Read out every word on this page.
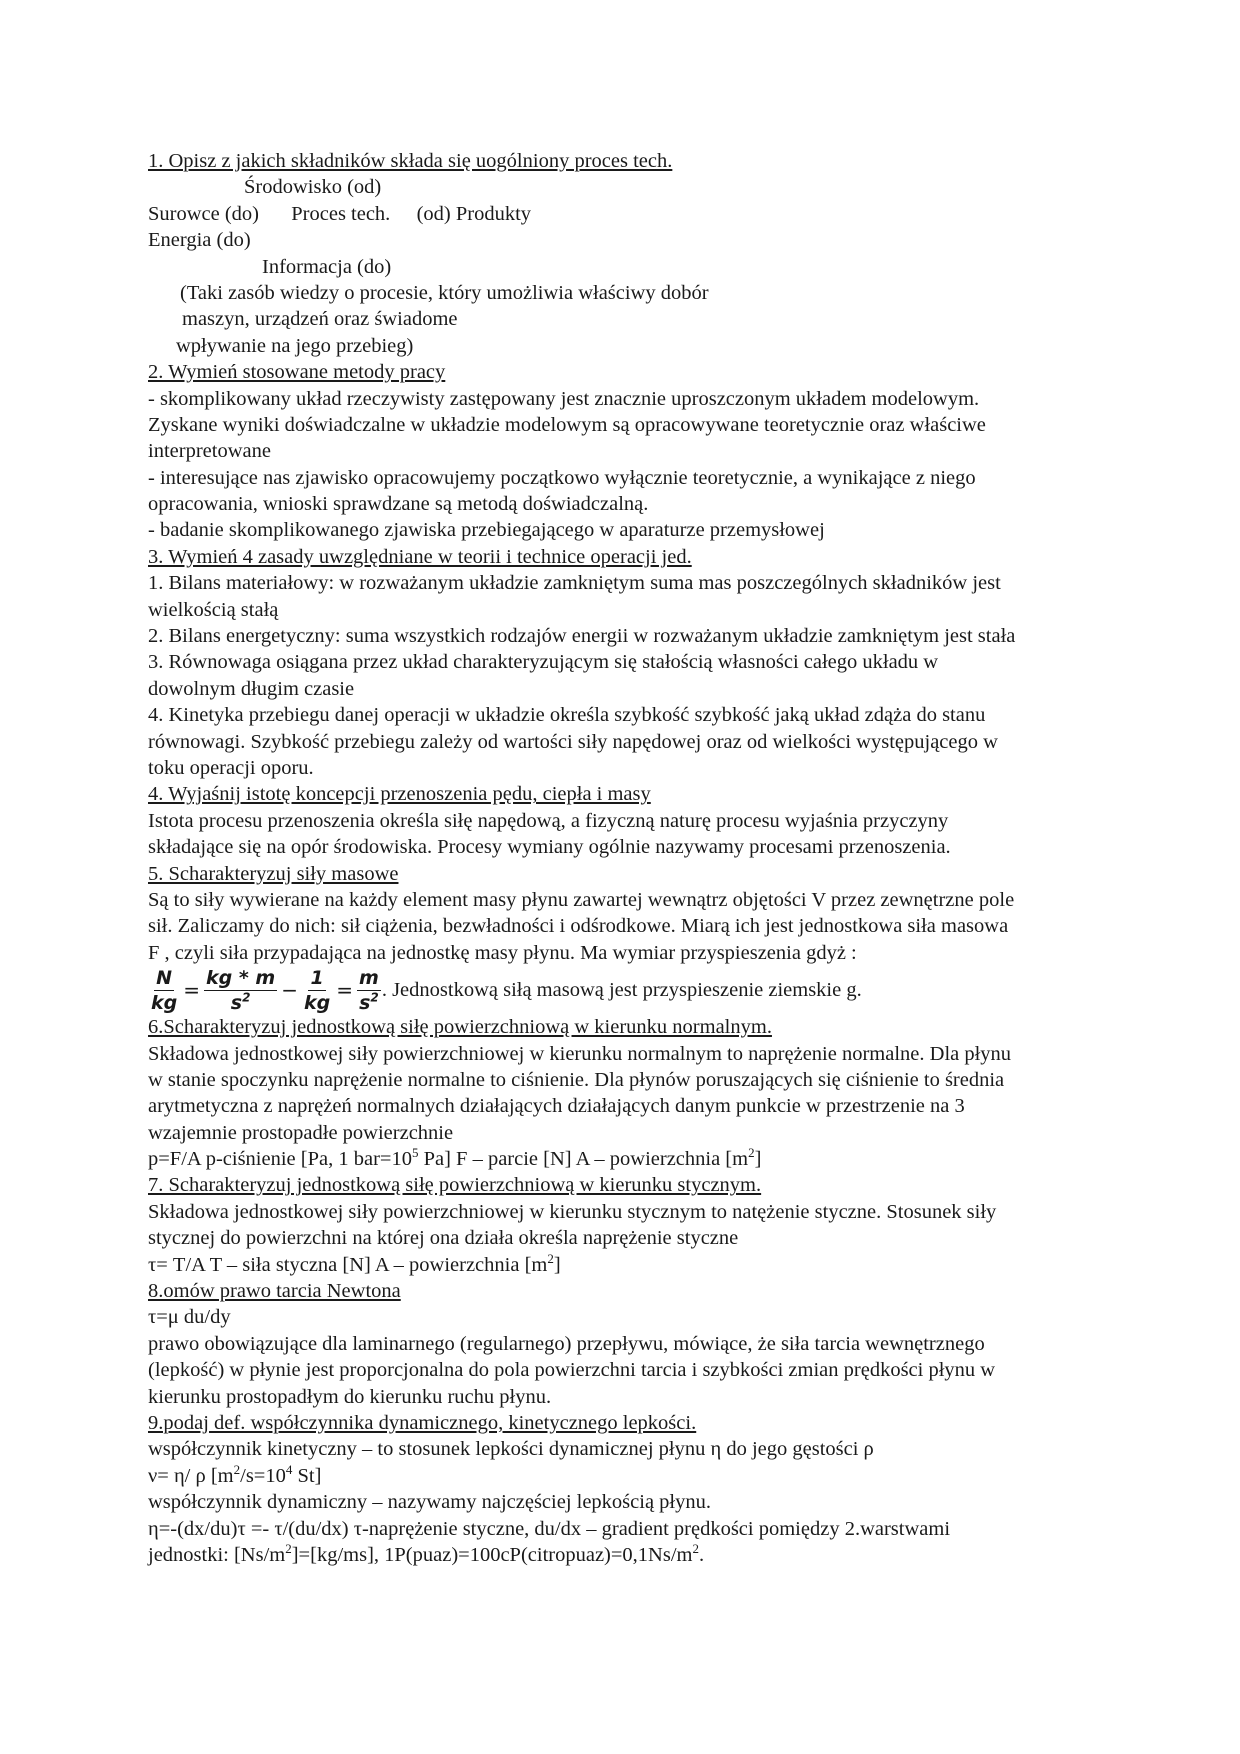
1. Opisz z jakich składników składa się uogólniony proces tech.
Środowisko (od)
Surowce (do) Proces tech. (od) Produkty
Energia (do)
Informacja (do)
(Taki zasób wiedzy o procesie, który umożliwia właściwy dobór
maszyn, urządzeń oraz świadome
wpływanie na jego przebieg)
2. Wymień stosowane metody pracy
- skomplikowany układ rzeczywisty zastępowany jest znacznie uproszczonym układem modelowym.
Zyskane wyniki doświadczalne w układzie modelowym są opracowywane teoretycznie oraz właściwe
interpretowane
- interesujące nas zjawisko opracowujemy początkowo wyłącznie teoretycznie, a wynikające z niego
opracowania, wnioski sprawdzane są metodą doświadczalną.
- badanie skomplikowanego zjawiska przebiegającego w aparaturze przemysłowej
3. Wymień 4 zasady uwzględniane w teorii i technice operacji jed.
1. Bilans materiałowy: w rozważanym układzie zamkniętym suma mas poszczególnych składników jest
wielkością stałą
2. Bilans energetyczny: suma wszystkich rodzajów energii w rozważanym układzie zamkniętym jest stała
3. Równowaga osiągana przez układ charakteryzującym się stałością własności całego układu w
dowolnym długim czasie
4. Kinetyka przebiegu danej operacji w układzie określa szybkość szybkość jaką układ zdąża do stanu
równowagi. Szybkość przebiegu zależy od wartości siły napędowej oraz od wielkości występującego w
toku operacji oporu.
4. Wyjaśnij istotę koncepcji przenoszenia pędu, ciepła i masy
Istota procesu przenoszenia określa siłę napędową, a fizyczną naturę procesu wyjaśnia przyczyny
składające się na opór środowiska. Procesy wymiany ogólnie nazywamy procesami przenoszenia.
5. Scharakteryzuj siły masowe
Są to siły wywierane na każdy element masy płynu zawartej wewnątrz objętości V przez zewnętrzne pole
sił. Zaliczamy do nich: sił ciążenia, bezwładności i odśrodkowe. Miarą ich jest jednostkowa siła masowa
F , czyli siła przypadająca na jednostkę masy płynu. Ma wymiar przyspieszenia gdyż :
$\frac{N}{kg} = \frac{kg * m}{s^2} - \frac{1}{kg} = \frac{m}{s^2}$ . Jednostkową siłą masową jest przyspieszenie ziemskie g.
6.Scharakteryzuj jednostkową siłę powierzchniową w kierunku normalnym.
Składowa jednostkowej siły powierzchniowej w kierunku normalnym to naprężenie normalne. Dla płynu
w stanie spoczynku naprężenie normalne to ciśnienie. Dla płynów poruszających się ciśnienie to średnia
arytmetyczna z naprężeń normalnych działających działających danym punkcie w przestrzenie na 3
wzajemnie prostopadłe powierzchnie
p=F/A p-ciśnienie [Pa, 1 $bar=10^5$ Pa] F – parcie [N] A – powierzchnia $[m^2]$
7. Scharakteryzuj jednostkową siłę powierzchniową w kierunku stycznym.
Składowa jednostkowej siły powierzchniowej w kierunku stycznym to natężenie styczne. Stosunek siły
stycznej do powierzchni na której ona działa określa naprężenie styczne
τ= T/A T – siła styczna [N] A – powierzchnia $[m^2]$
8.omów prawo tarcia Newtona
τ=μ du/dy
prawo obowiązujące dla laminarnego (regularnego) przepływu, mówiące, że siła tarcia wewnętrznego
(lepkość) w płynie jest proporcjonalna do pola powierzchni tarcia i szybkości zmian prędkości płynu w
kierunku prostopadłym do kierunku ruchu płynu.
9.podaj def. współczynnika dynamicznego, kinetycznego lepkości.
współczynnik kinetyczny – to stosunek lepkości dynamicznej płynu η do jego gęstości ρ
ν= η/ ρ [$m^2/s=10^4$ St]
współczynnik dynamiczny – nazywamy najczęściej lepkością płynu.
η=-(dx/du)τ =- τ/(du/dx) τ-naprężenie styczne, du/dx – gradient prędkości pomiędzy 2.warstwami
jednostki: $[Ns/m^2]=[kg/ms]$, $1P(puaz)=100cP(citropuaz)=0,1Ns/m^2$.
